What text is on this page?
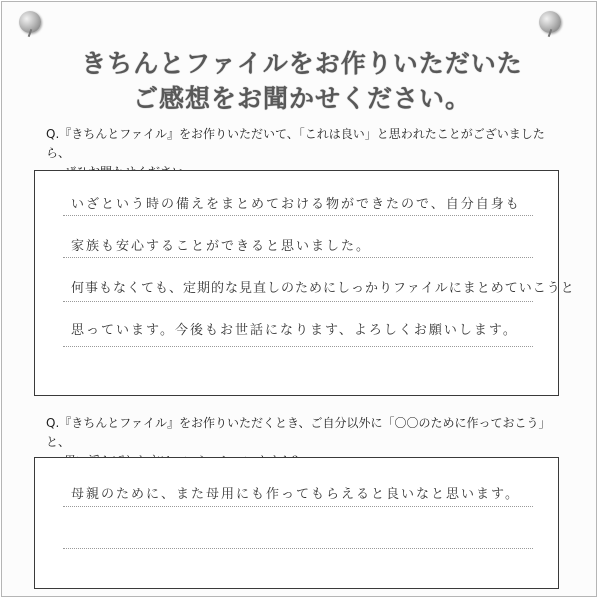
きちんとファイルをお作りいただいた
ご感想をお聞かせください。
Q.『きちんとファイル』をお作りいただいて、「これは良い」と思われたことがございましたら、
いざという時の備えをまとめておける物ができたので、自分自身も
家族も安心することができると思いました。
何事もなくても、定期的な見直しのためにしっかりファイルにまとめていこうと
思っています。今後もお世話になります、よろしくお願いします。
Q.『きちんとファイル』をお作りいただくとき、ご自分以外に「〇〇のために作っておこう」と、
母親のために、また母用にも作ってもらえると良いなと思います。
